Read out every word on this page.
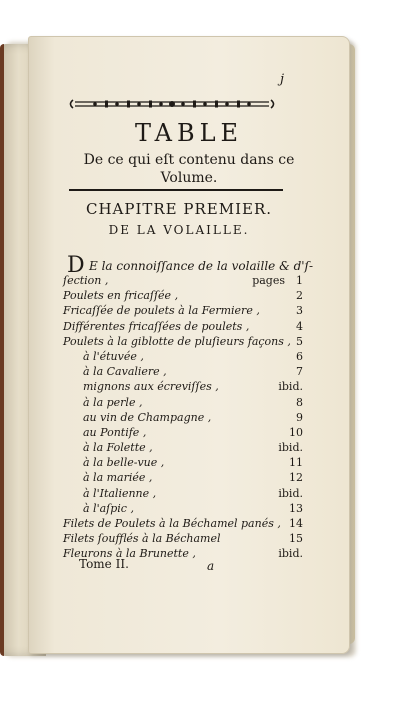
j
TABLE
De ce qui eſt contenu dans ce
Volume.
CHAPITRE PREMIER.
DE LA VOLAILLE.
D E la connoiſſance de la volaille & d'ſ-
ſection ,	pages 1
Poulets en fricaſſée ,	2
Fricaſſée de poulets à la Fermiere ,	3
Différentes fricaſſées de poulets ,	4
Poulets à la giblotte de pluſieurs façons , 5
à l'étuvée ,	6
à la Cavaliere ,	7
mignons aux écreviſſes ,	ibid.
à la perle ,	8
au vin de Champagne ,	9
au Pontife ,	10
à la Folette ,	ibid.
à la belle-vue ,	11
à la mariée ,	12
à l'Italienne ,	ibid.
à l'aſpic ,	13
Filets de Poulets à la Béchamel panés , 14
Filets ſoufflés à la Béchamel	15
Fleurons à la Brunette ,	ibid.
Tome II.	a
